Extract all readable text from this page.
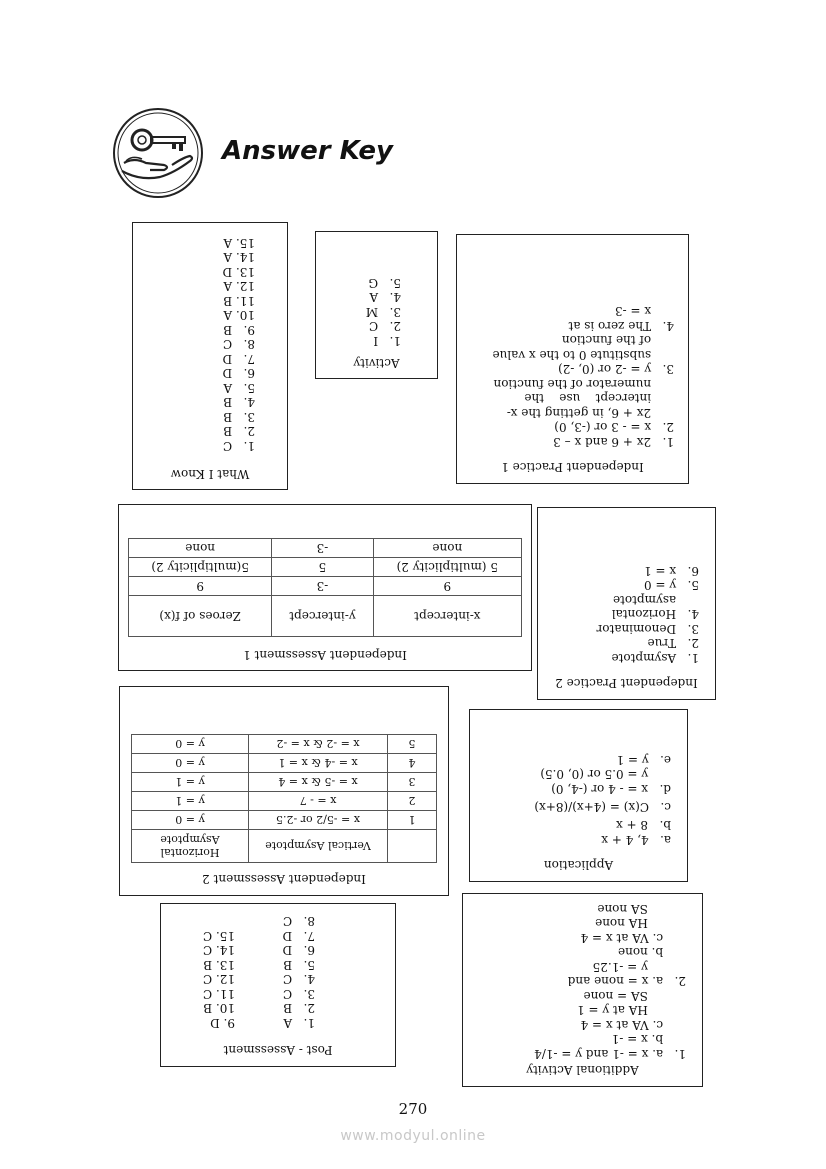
Answer Key
What I Know
1.   C
2.   B
3.   B
4.   B
5.   A
6.   D
7.   D
8.   C
9.   B
10. A
11. B
12. A
13. D
14. A
15. A
Activity
1.   I
2.   C
3.   M
4.   A
5.   G
Independent Practice 1
1.   2x + 6 and x – 3
2.   x = - 3 or (-3, 0)
2x + 6, in getting the x-
intercept    use    the
numerator of the function
3.   y = -2 or (0, -2)
substitute 0 to the x value
of the function
4.   The zero is at
x = -3
Independent Assessment 1
x-intercept	y-intercept	Zeroes of f(x)
9	-3	9
5 (multiplicity 2)	5	5(multiplicity 2)
none	-3	none
Independent Practice 2
1.   Asymptote
2.   True
3.   Denominator
4.   Horizontal
asymptote
5.   y = 0
6.   x = 1
Independent Assessment 2
	Vertical Asymptote	Horizontal Asymptote
1	x = -5/2 or -2.5	y = 0
2	x = - 7	y = 1
3	x = -5 & x = 4	y = 1
4	x = -4 & x = 1	y = 0
5	x = -2 & x = -2	y = 0
Application
a.   4, 4 + x
b.   8 + x
c.   C(x) = (4+x)/(8+x)
d.   x = - 4 or (-4, 0)
y = 0.5 or (0, 0.5)
e.   y = 1
Post - Assessment
1.   A
2.   B
3.   C
4.   C
5.   B
6.   D
7.   D
8.   C
9. D
10. B
11. C
12. C
13. B
14. C
15. C
Additional Activity
1.   a. x = -1 and y = -1/4
b. x = -1
c. VA at x = 4
HA at y = 1
SA = none
2.   a. x = none and
y = -1.25
b. none
c. VA at x = 4
HA none
SA none
270
www.modyul.online
